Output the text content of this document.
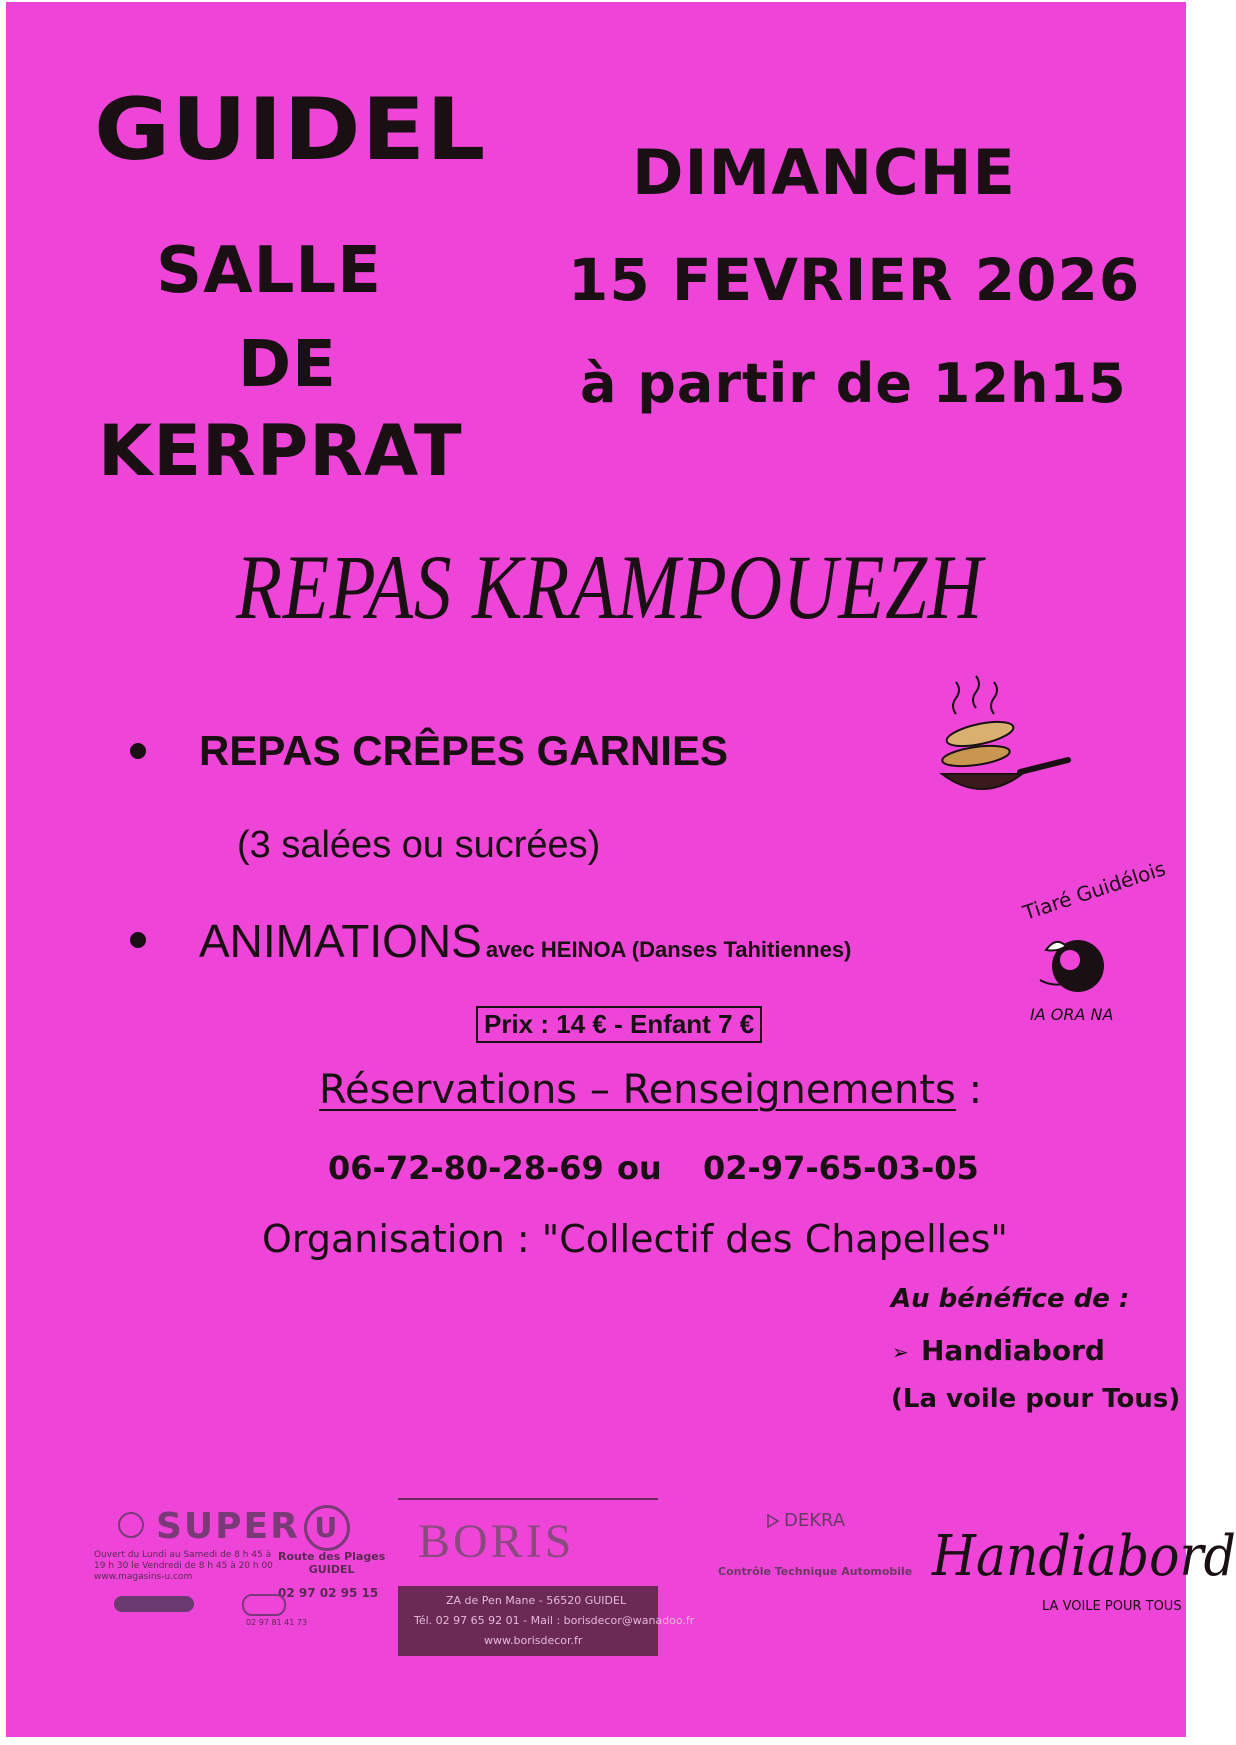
GUIDEL
SALLE
DE
KERPRAT
DIMANCHE
15 FEVRIER 2026
à partir de 12h15
REPAS KRAMPOUEZH
REPAS CRÊPES GARNIES
(3 salées ou sucrées)
ANIMATIONS avec HEINOA (Danses Tahitiennes)
Tiaré Guidélois
IA ORA NA
Prix : 14 € - Enfant 7 €
Réservations – Renseignements :
06-72-80-28-69 ou 02-97-65-03-05
Organisation : "Collectif des Chapelles"
Au bénéfice de :
➢ Handiabord
(La voile pour Tous)
SUPER U
Ouvert du Lundi au Samedi de 8 h 45 à 19 h 30 le Vendredi de 8 h 45 à 20 h 00 www.magasins-u.com
Route des Plages
GUIDEL
02 97 02 95 15
02 97 81 41 73
BORIS
ZA de Pen Mane - 56520 GUIDEL
Tél. 02 97 65 92 01 - Mail : borisdecor@wanadoo.fr
www.borisdecor.fr
DEKRA
Contrôle Technique Automobile Handiabord
LA VOILE POUR TOUS
